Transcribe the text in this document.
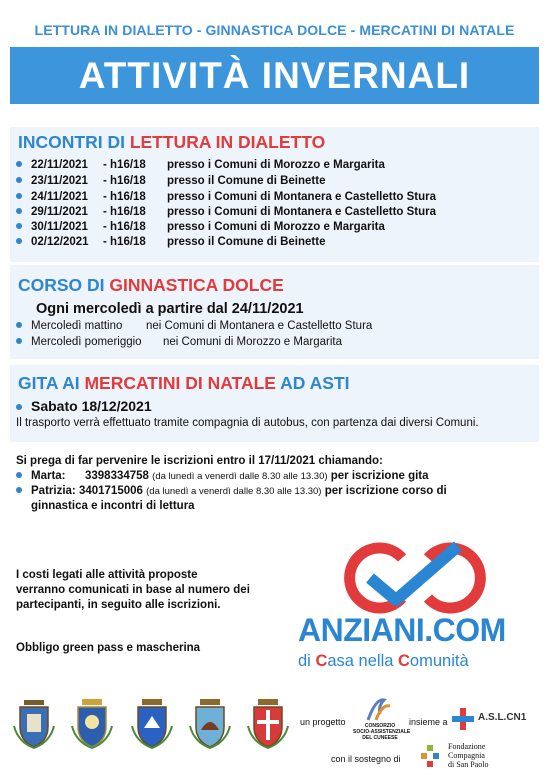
LETTURA IN DIALETTO - GINNASTICA DOLCE - MERCATINI DI NATALE
ATTIVITÀ INVERNALI
INCONTRI DI LETTURA IN DIALETTO
22/11/2021 - h16/18 presso i Comuni di Morozzo e Margarita
23/11/2021 - h16/18 presso il Comune di Beinette
24/11/2021 - h16/18 presso i Comuni di Montanera e Castelletto Stura
29/11/2021 - h16/18 presso i Comuni di Montanera e Castelletto Stura
30/11/2021 - h16/18 presso i Comuni di Morozzo e Margarita
02/12/2021 - h16/18 presso il Comune di Beinette
CORSO DI GINNASTICA DOLCE
Ogni mercoledì a partire dal 24/11/2021
Mercoledì mattino nei Comuni di Montanera e Castelletto Stura
Mercoledì pomeriggio nei Comuni di Morozzo e Margarita
GITA AI MERCATINI DI NATALE AD ASTI
Sabato 18/12/2021
Il trasporto verrà effettuato tramite compagnia di autobus, con partenza dai diversi Comuni.
Si prega di far pervenire le iscrizioni entro il 17/11/2021 chiamando:
Marta: 3398334758 (da lunedì a venerdì dalle 8.30 alle 13.30) per iscrizione gita
Patrizia: 3401715006 (da lunedì a venerdì dalle 8.30 alle 13.30) per iscrizione corso di
ginnastica e incontri di lettura
I costi legati alle attività proposte
verranno comunicati in base al numero dei
partecipanti, in seguito alle iscrizioni.
Obbligo green pass e mascherina	ANZIANI.COM
di Casa nella Comunità
un progetto	CONSORZIO
SOCIO-ASSISTENZIALE
DEL CUNEESE
insieme a	A.S.L.CN1
con il sostegno di
Fondazione
Compagnia
di San Paolo
